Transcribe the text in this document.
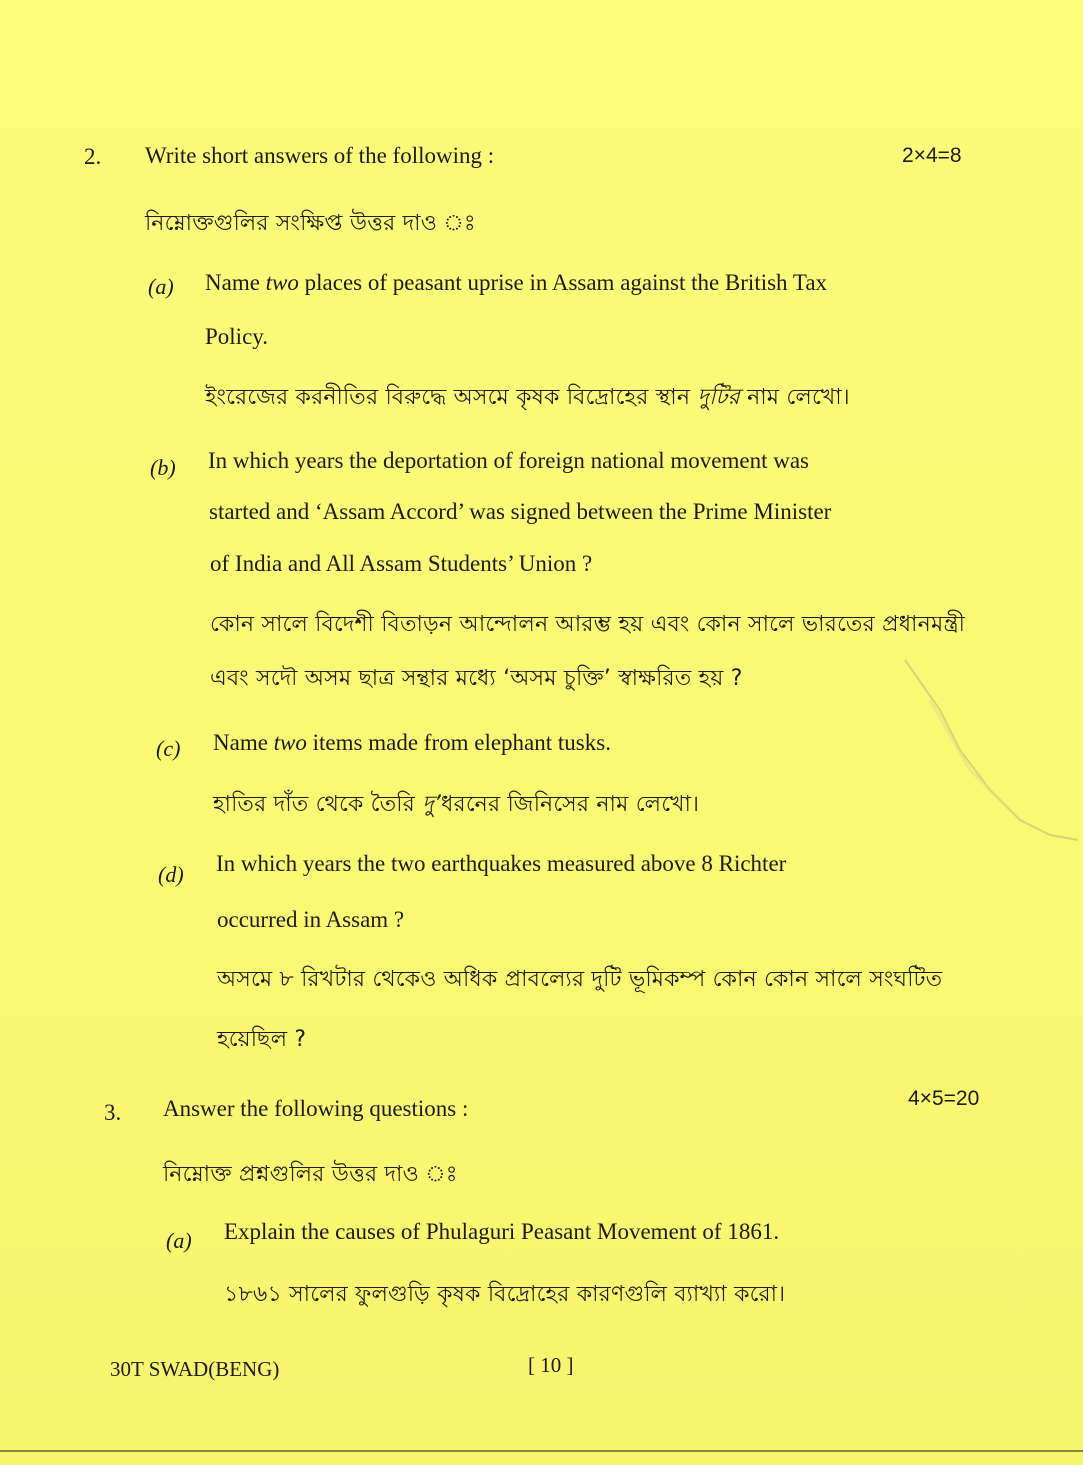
2. Write short answers of the following :	2×4=8
নিম্নোক্তগুলির সংক্ষিপ্ত উত্তর দাও ঃ
(a) Name two places of peasant uprise in Assam against the British Tax
Policy.
ইংরেজের করনীতির বিরুদ্ধে অসমে কৃষক বিদ্রোহের স্থান দুটির নাম লেখো।
(b) In which years the deportation of foreign national movement was
started and ‘Assam Accord’ was signed between the Prime Minister
of India and All Assam Students’ Union ?
কোন সালে বিদেশী বিতাড়ন আন্দোলন আরম্ভ হয় এবং কোন সালে ভারতের প্রধানমন্ত্রী
এবং সদৌ অসম ছাত্র সন্থার মধ্যে ‘অসম চুক্তি’ স্বাক্ষরিত হয় ?
(c) Name two items made from elephant tusks.
হাতির দাঁত থেকে তৈরি দু’ধরনের জিনিসের নাম লেখো।
(d) In which years the two earthquakes measured above 8 Richter
occurred in Assam ?
অসমে ৮ রিখটার থেকেও অধিক প্রাবল্যের দুটি ভূমিকম্প কোন কোন সালে সংঘটিত
হয়েছিল ?
3. Answer the following questions :	4×5=20
নিম্নোক্ত প্রশ্নগুলির উত্তর দাও ঃ
(a) Explain the causes of Phulaguri Peasant Movement of 1861.
১৮৬১ সালের ফুলগুড়ি কৃষক বিদ্রোহের কারণগুলি ব্যাখ্যা করো।
30T SWAD(BENG)	[ 10 ]
